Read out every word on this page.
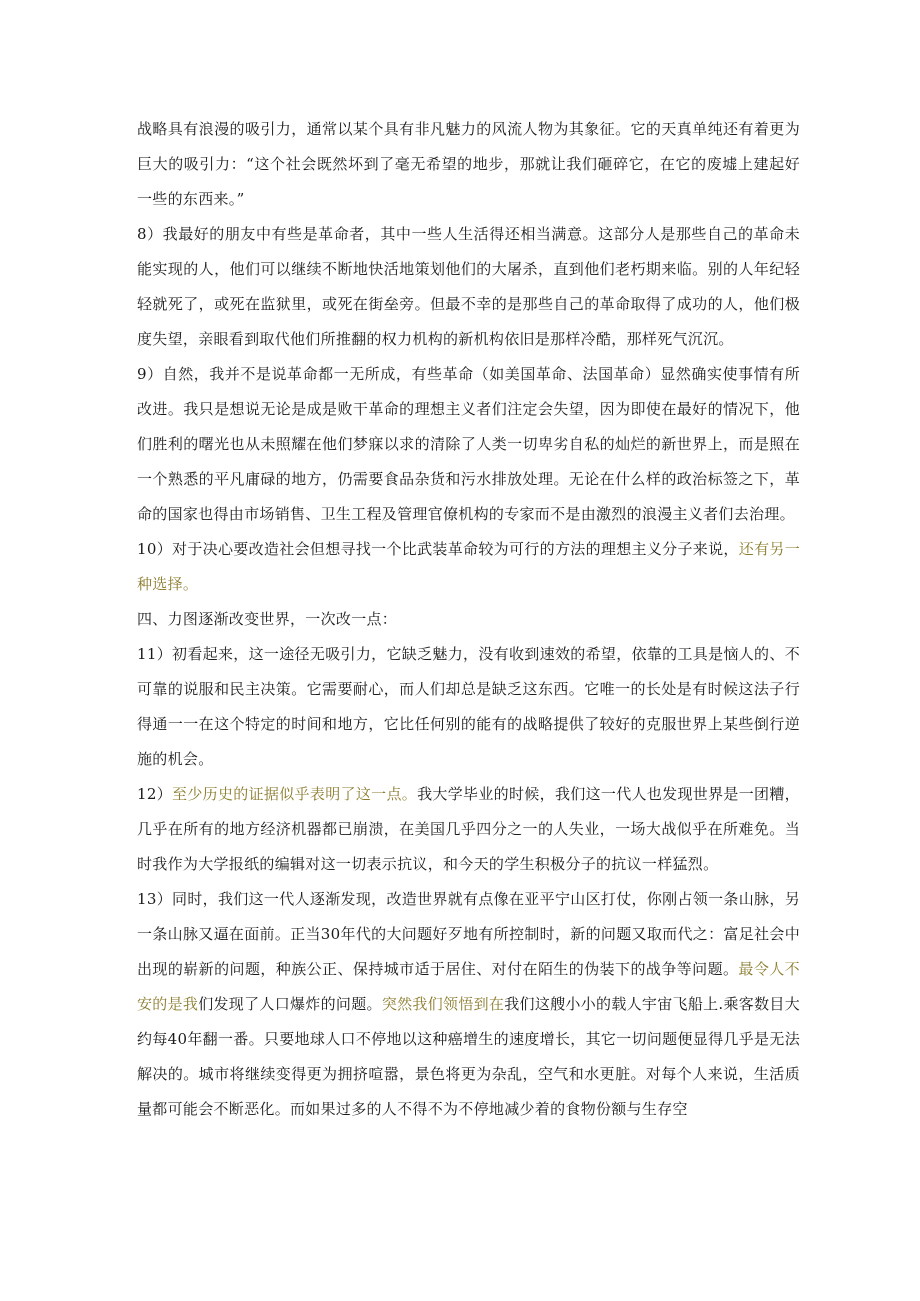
战略具有浪漫的吸引力，通常以某个具有非凡魅力的风流人物为其象征。它的天真单纯还有着更为巨大的吸引力：“这个社会既然坏到了毫无希望的地步，那就让我们砸碎它，在它的废墟上建起好一些的东西来。”

8）我最好的朋友中有些是革命者，其中一些人生活得还相当满意。这部分人是那些自己的革命未能实现的人，他们可以继续不断地快活地策划他们的大屠杀，直到他们老朽期来临。别的人年纪轻轻就死了，或死在监狱里，或死在街垒旁。但最不幸的是那些自己的革命取得了成功的人，他们极度失望，亲眼看到取代他们所推翻的权力机构的新机构依旧是那样冷酷，那样死气沉沉。

9）自然，我并不是说革命都一无所成，有些革命（如美国革命、法国革命）显然确实使事情有所改进。我只是想说无论是成是败干革命的理想主义者们注定会失望，因为即使在最好的情况下，他们胜利的曙光也从未照耀在他们梦寐以求的清除了人类一切卑劣自私的灿烂的新世界上，而是照在一个熟悉的平凡庸碌的地方，仍需要食品杂货和污水排放处理。无论在什么样的政治标签之下，革命的国家也得由市场销售、卫生工程及管理官僚机构的专家而不是由激烈的浪漫主义者们去治理。

10）对于决心要改造社会但想寻找一个比武装革命较为可行的方法的理想主义分子来说，还有另一种选择。

四、力图逐渐改变世界，一次改一点：

11）初看起来，这一途径无吸引力，它缺乏魅力，没有收到速效的希望，依靠的工具是恼人的、不可靠的说服和民主决策。它需要耐心，而人们却总是缺乏这东西。它唯一的长处是有时候这法子行得通一一在这个特定的时间和地方，它比任何别的能有的战略提供了较好的克服世界上某些倒行逆施的机会。

12）至少历史的证据似乎表明了这一点。我大学毕业的时候，我们这一代人也发现世界是一团糟，几乎在所有的地方经济机器都已崩溃，在美国几乎四分之一的人失业，一场大战似乎在所难免。当时我作为大学报纸的编辑对这一切表示抗议，和今天的学生积极分子的抗议一样猛烈。

13）同时，我们这一代人逐渐发现，改造世界就有点像在亚平宁山区打仗，你刚占领一条山脉，另一条山脉又逼在面前。正当30年代的大问题好歹地有所控制时，新的问题又取而代之：富足社会中出现的崭新的问题，种族公正、保持城市适于居住、对付在陌生的伪装下的战争等问题。最令人不安的是我们发现了人口爆炸的问题。突然我们领悟到在我们这艘小小的载人宇宙飞船上.乘客数目大约每40年翻一番。只要地球人口不停地以这种癌增生的速度增长，其它一切问题便显得几乎是无法解决的。城市将继续变得更为拥挤喧嚣，景色将更为杂乱，空气和水更脏。对每个人来说，生活质量都可能会不断恶化。而如果过多的人不得不为不停地减少着的食物份额与生存空
